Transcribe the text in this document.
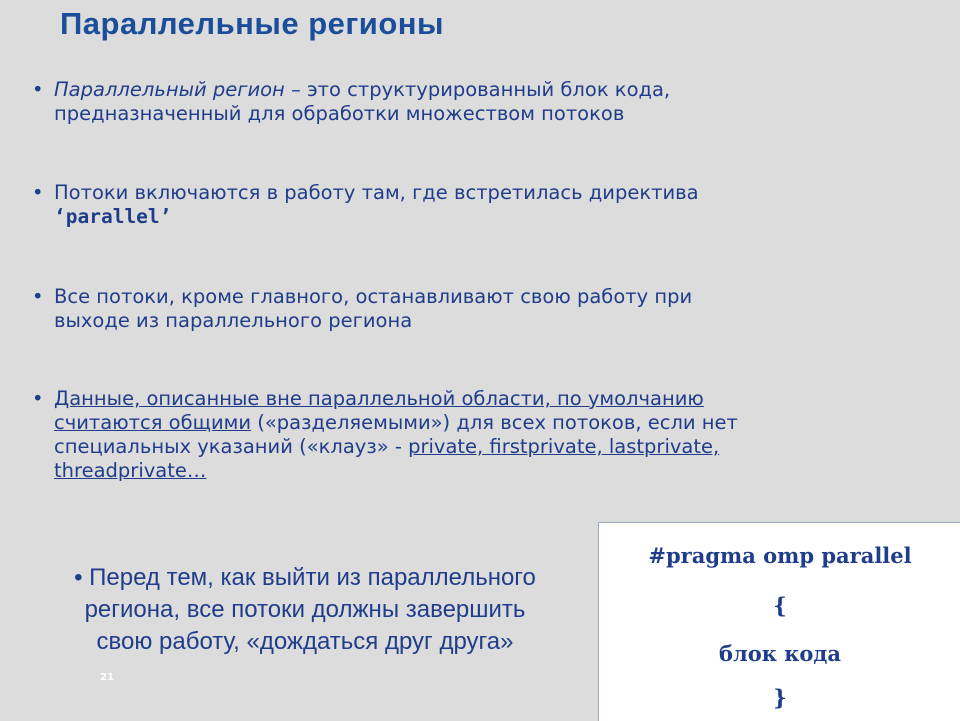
Параллельные регионы
• Параллельный регион – это структурированный блок кода,
предназначенный для обработки множеством потоков
• Потоки включаются в работу там, где встретилась директива
‘parallel’
• Все потоки, кроме главного, останавливают свою работу при
выходе из параллельного региона
• Данные, описанные вне параллельной области, по умолчанию
считаются общими («разделяемыми») для всех потоков, если нет
специальных указаний («клауз» - private, firstprivate, lastprivate,
threadprivate…
• Перед тем, как выйти из параллельного
региона, все потоки должны завершить
свою работу, «дождаться друг друга»
21
#pragma omp parallel
{
блок кода
}
